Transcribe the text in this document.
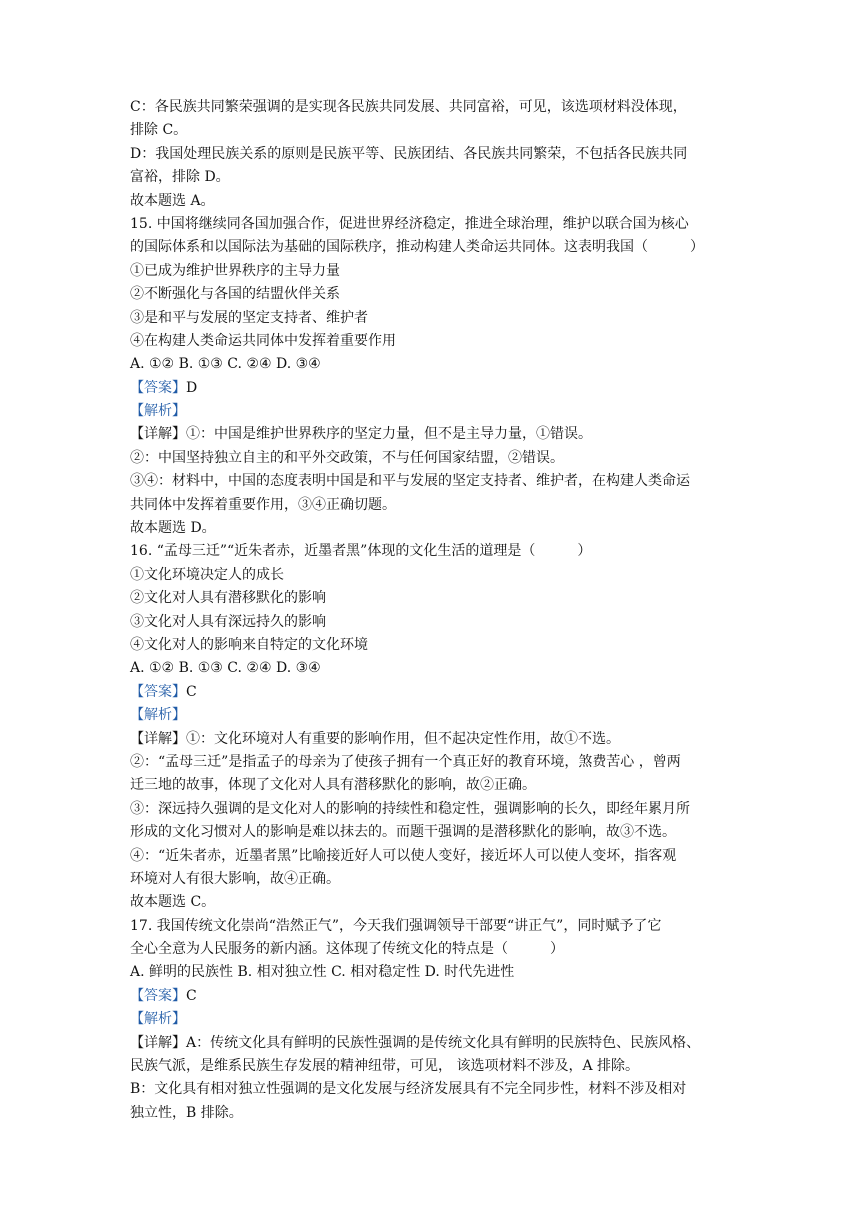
C：各民族共同繁荣强调的是实现各民族共同发展、共同富裕，可见，该选项材料没体现，
排除 C。
D：我国处理民族关系的原则是民族平等、民族团结、各民族共同繁荣，不包括各民族共同
富裕，排除 D。
故本题选 A。
15. 中国将继续同各国加强合作，促进世界经济稳定，推进全球治理，维护以联合国为核心
的国际体系和以国际法为基础的国际秩序，推动构建人类命运共同体。这表明我国（　　　）
①已成为维护世界秩序的主导力量
②不断强化与各国的结盟伙伴关系
③是和平与发展的坚定支持者、维护者
④在构建人类命运共同体中发挥着重要作用
A. ①② B. ①③ C. ②④ D. ③④
【答案】D
【解析】
【详解】①：中国是维护世界秩序的坚定力量，但不是主导力量，①错误。
②：中国坚持独立自主的和平外交政策，不与任何国家结盟，②错误。
③④：材料中，中国的态度表明中国是和平与发展的坚定支持者、维护者，在构建人类命运
共同体中发挥着重要作用，③④正确切题。
故本题选 D。
16. “孟母三迁”“近朱者赤，近墨者黑”体现的文化生活的道理是（　　　）
①文化环境决定人的成长
②文化对人具有潜移默化的影响
③文化对人具有深远持久的影响
④文化对人的影响来自特定的文化环境
A. ①② B. ①③ C. ②④ D. ③④
【答案】C
【解析】
【详解】①：文化环境对人有重要的影响作用，但不起决定性作用，故①不选。
②：“孟母三迁”是指孟子的母亲为了使孩子拥有一个真正好的教育环境，煞费苦心 ，曾两
迁三地的故事，体现了文化对人具有潜移默化的影响，故②正确。
③：深远持久强调的是文化对人的影响的持续性和稳定性，强调影响的长久，即经年累月所
形成的文化习惯对人的影响是难以抹去的。而题干强调的是潜移默化的影响，故③不选。
④：“近朱者赤，近墨者黑”比喻接近好人可以使人变好，接近坏人可以使人变坏，指客观
环境对人有很大影响，故④正确。
故本题选 C。
17. 我国传统文化崇尚“浩然正气”，今天我们强调领导干部要“讲正气”，同时赋予了它
全心全意为人民服务的新内涵。这体现了传统文化的特点是（　　　）
A. 鲜明的民族性 B. 相对独立性 C. 相对稳定性 D. 时代先进性
【答案】C
【解析】
【详解】A：传统文化具有鲜明的民族性强调的是传统文化具有鲜明的民族特色、民族风格、
民族气派，是维系民族生存发展的精神纽带，可见， 该选项材料不涉及，A 排除。
B：文化具有相对独立性强调的是文化发展与经济发展具有不完全同步性，材料不涉及相对
独立性，B 排除。
